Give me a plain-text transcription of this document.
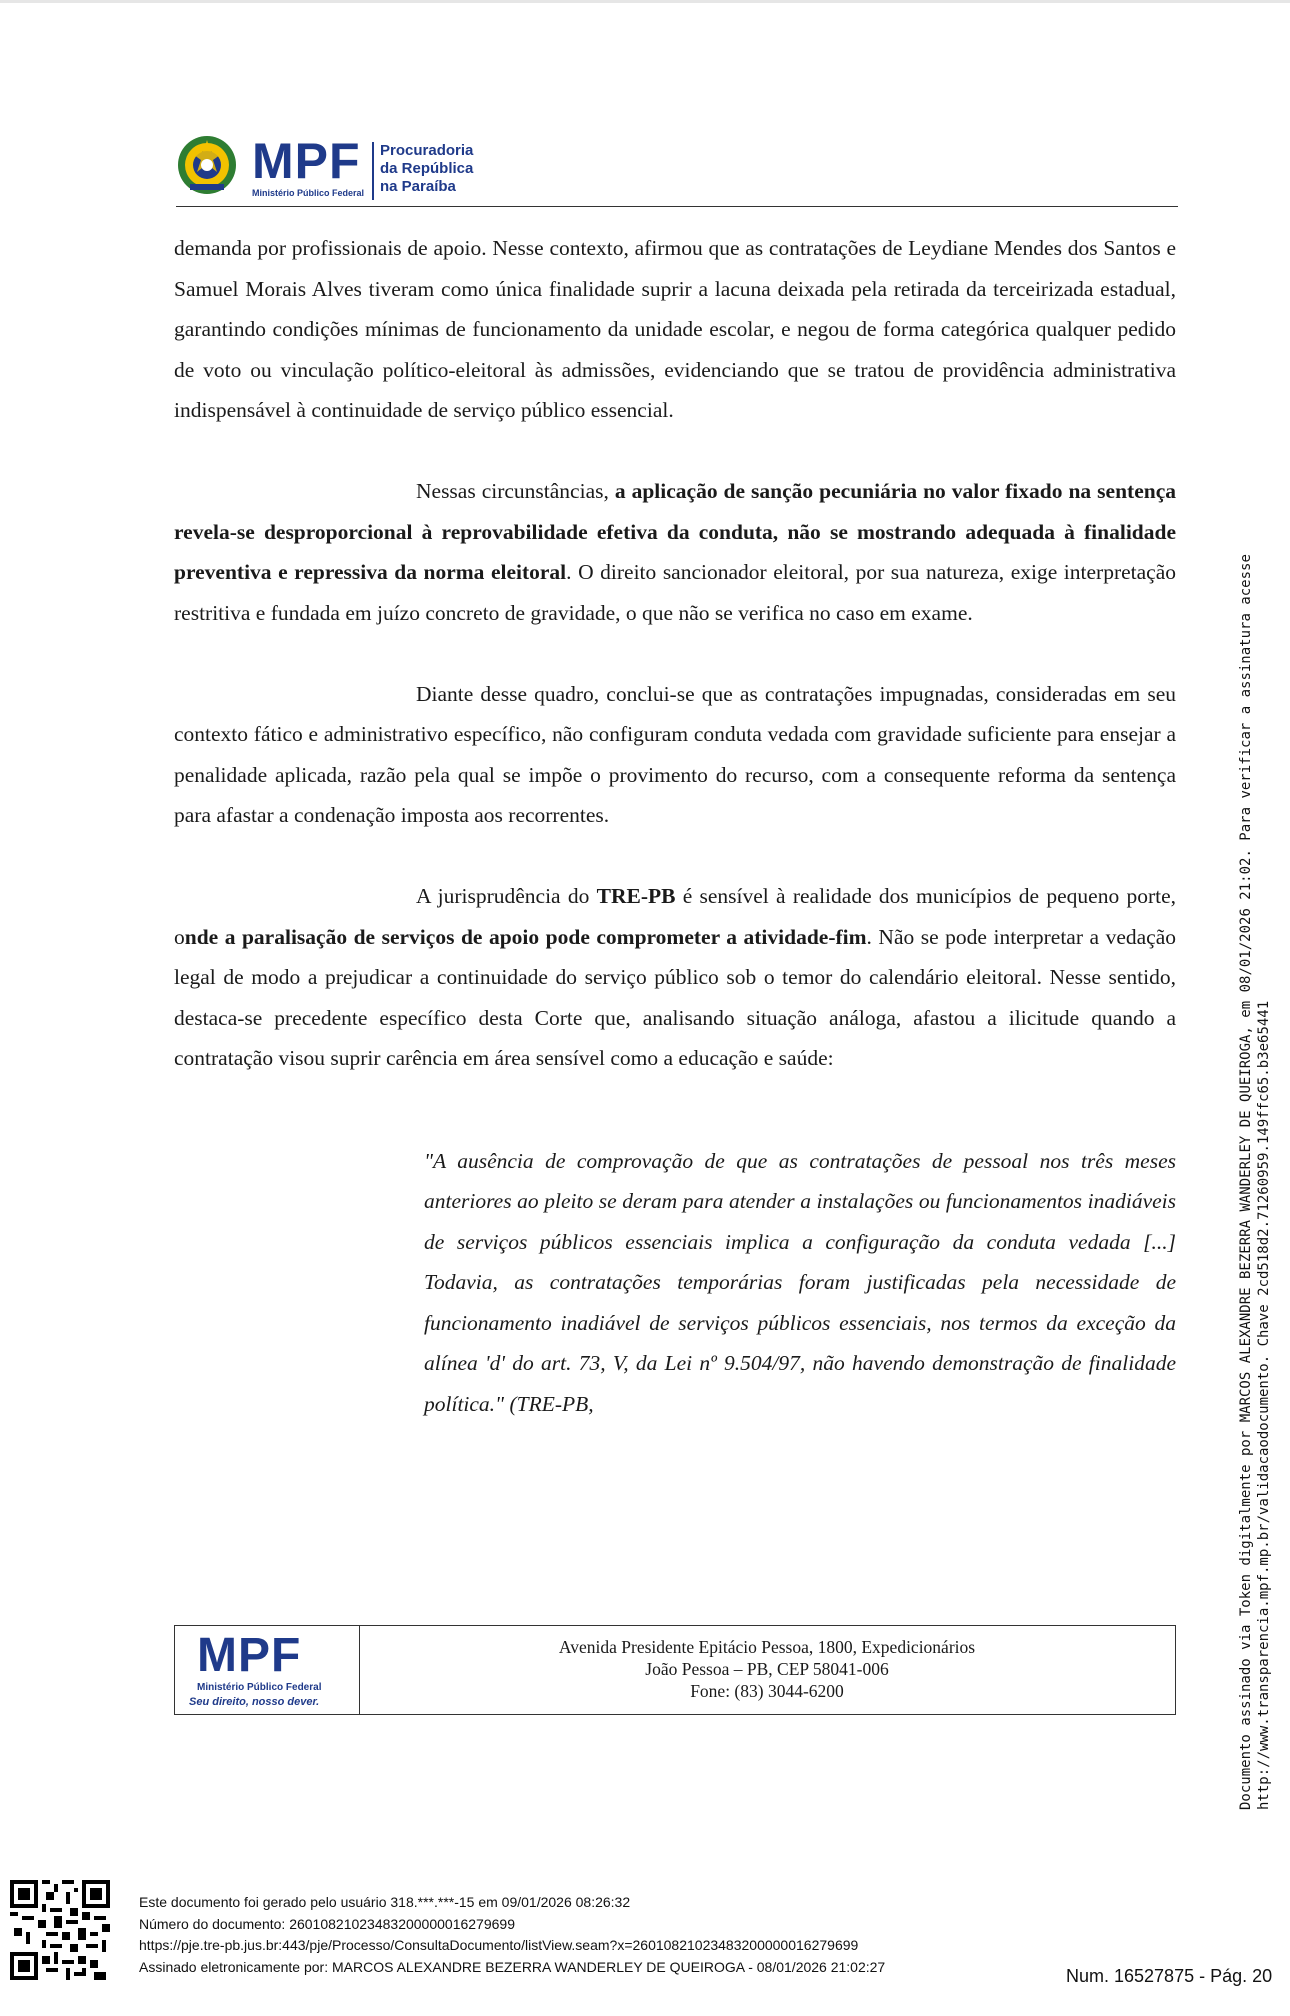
MPF
Ministério Público Federal
Procuradoria
da República
na Paraíba

demanda por profissionais de apoio. Nesse contexto, afirmou que as contratações de Leydiane Mendes dos Santos e Samuel Morais Alves tiveram como única finalidade suprir a lacuna deixada pela retirada da terceirizada estadual, garantindo condições mínimas de funcionamento da unidade escolar, e negou de forma categórica qualquer pedido de voto ou vinculação político-eleitoral às admissões, evidenciando que se tratou de providência administrativa indispensável à continuidade de serviço público essencial.

Nessas circunstâncias, a aplicação de sanção pecuniária no valor fixado na sentença revela-se desproporcional à reprovabilidade efetiva da conduta, não se mostrando adequada à finalidade preventiva e repressiva da norma eleitoral. O direito sancionador eleitoral, por sua natureza, exige interpretação restritiva e fundada em juízo concreto de gravidade, o que não se verifica no caso em exame.

Diante desse quadro, conclui-se que as contratações impugnadas, consideradas em seu contexto fático e administrativo específico, não configuram conduta vedada com gravidade suficiente para ensejar a penalidade aplicada, razão pela qual se impõe o provimento do recurso, com a consequente reforma da sentença para afastar a condenação imposta aos recorrentes.

A jurisprudência do TRE-PB é sensível à realidade dos municípios de pequeno porte, onde a paralisação de serviços de apoio pode comprometer a atividade-fim. Não se pode interpretar a vedação legal de modo a prejudicar a continuidade do serviço público sob o temor do calendário eleitoral. Nesse sentido, destaca-se precedente específico desta Corte que, analisando situação análoga, afastou a ilicitude quando a contratação visou suprir carência em área sensível como a educação e saúde:

"A ausência de comprovação de que as contratações de pessoal nos três meses anteriores ao pleito se deram para atender a instalações ou funcionamentos inadiáveis de serviços públicos essenciais implica a configuração da conduta vedada [...] Todavia, as contratações temporárias foram justificadas pela necessidade de funcionamento inadiável de serviços públicos essenciais, nos termos da exceção da alínea 'd' do art. 73, V, da Lei nº 9.504/97, não havendo demonstração de finalidade política." (TRE-PB,

MPF
Ministério Público Federal
Seu direito, nosso dever.
Avenida Presidente Epitácio Pessoa, 1800, Expedicionários
João Pessoa – PB, CEP 58041-006
Fone: (83) 3044-6200	Documento assinado via Token digitalmente por MARCOS ALEXANDRE BEZERRA WANDERLEY DE QUEIROGA, em 08/01/2026 21:02. Para verificar a assinatura acesse http://www.transparencia.mpf.mp.br/validacaodocumento. Chave 2cd518d2.71260959.149ffc65.b3e65441
Este documento foi gerado pelo usuário 318.***.***-15 em 09/01/2026 08:26:32
Número do documento: 26010821023483200000016279699
https://pje.tre-pb.jus.br:443/pje/Processo/ConsultaDocumento/listView.seam?x=26010821023483200000016279699
Assinado eletronicamente por: MARCOS ALEXANDRE BEZERRA WANDERLEY DE QUEIROGA - 08/01/2026 21:02:27	Num. 16527875 - Pág. 20
